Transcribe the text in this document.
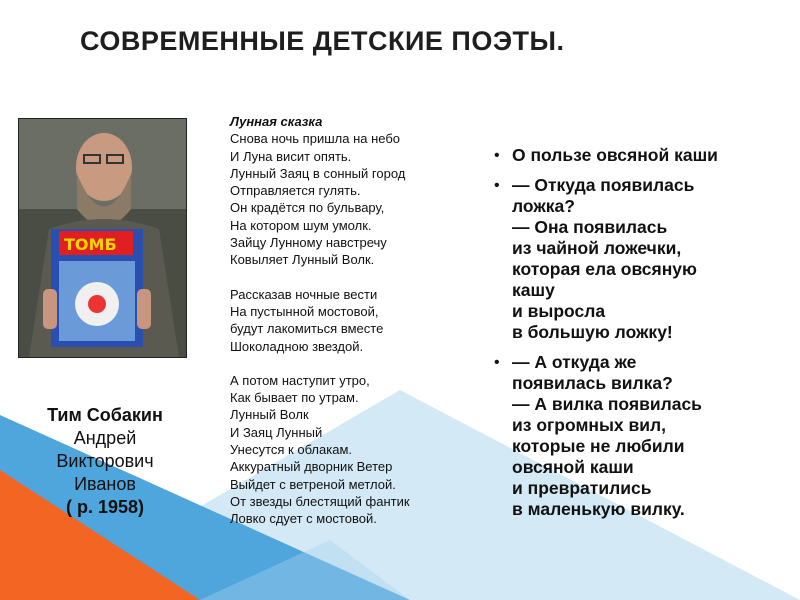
СОВРЕМЕННЫЕ ДЕТСКИЕ ПОЭТЫ.
ТОМБ
Тим Собакин
Андрей
Викторович
Иванов
( р. 1958)
Лунная сказка
Снова ночь пришла на небо
И Луна висит опять.
Лунный Заяц в сонный город
Отправляется гулять.
Он крадётся по бульвару,
На котором шум умолк.
Зайцу Лунному навстречу
Ковыляет Лунный Волк.
Рассказав ночные вести
На пустынной мостовой,
будут лакомиться вместе
Шоколадною звездой.
А потом наступит утро,
Как бывает по утрам.
Лунный Волк
И Заяц Лунный
Унесутся к облакам.
Аккуратный дворник Ветер
Выйдет с ветреной метлой.
От звезды блестящий фантик
Ловко сдует с мостовой.
• О пользе овсяной каши
• — Откуда появилась
ложка?
— Она появилась
из чайной ложечки,
которая ела овсяную
кашу
и выросла
в большую ложку!
• — А откуда же
появилась вилка?
— А вилка появилась
из огромных вил,
которые не любили
овсяной каши
и превратились
в маленькую вилку.
